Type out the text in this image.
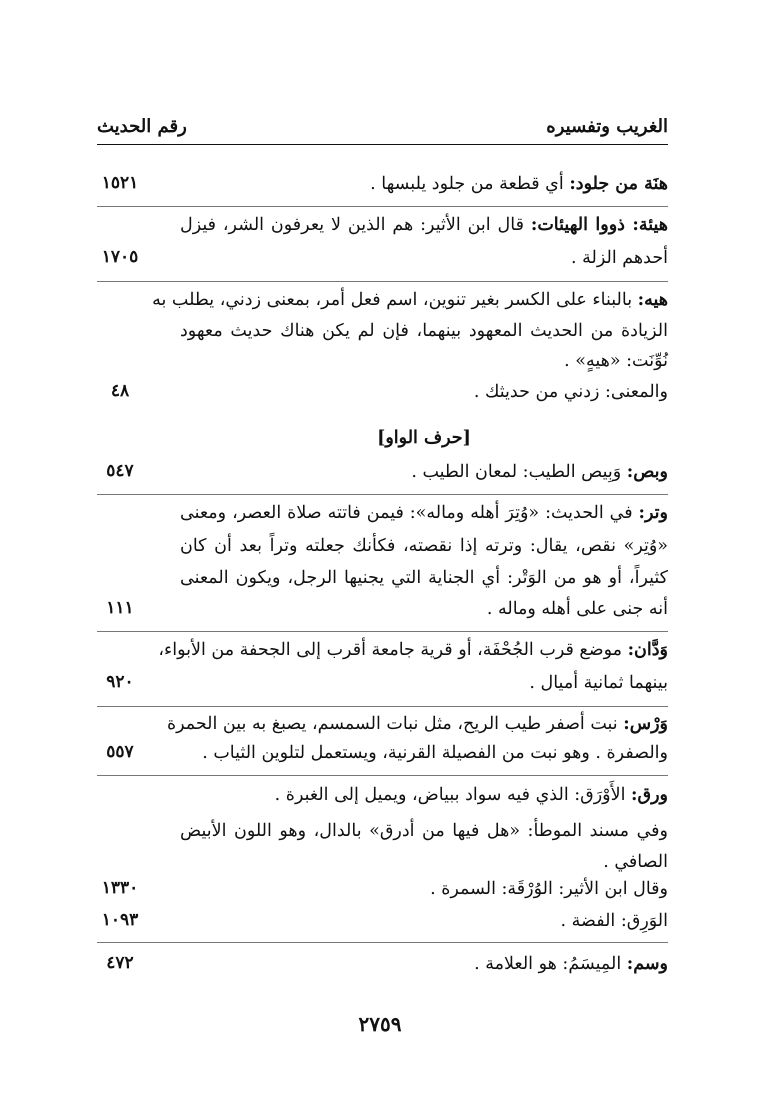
رقم الحديث	الغريب وتفسيره
هنَة من جلود: أي قطعة من جلود يلبسها .
١٥٢١
هيئة: ذووا الهيئات: قال ابن الأثير: هم الذين لا يعرفون الشر، فيزل
أحدهم الزلة .
١٧٠٥
هيه: بالبناء على الكسر بغير تنوين، اسم فعل أمر، بمعنى زدني، يطلب به
الزيادة من الحديث المعهود بينهما، فإن لم يكن هناك حديث معهود
نُوِّنَت: «هيهٍ» .
والمعنى: زدني من حديثك .
٤٨
[حرف الواو]
وبص: وَبِيص الطيب: لمعان الطيب .
٥٤٧
وتر: في الحديث: «وُتِرَ أهله وماله»: فيمن فاتته صلاة العصر، ومعنى
«وُتِر» نقص، يقال: وترته إذا نقصته، فكأنك جعلته وتراً بعد أن كان
كثيراً، أو هو من الوَتْر: أي الجناية التي يجنيها الرجل، ويكون المعنى
أنه جنى على أهله وماله .
١١١
وَدَّان: موضع قرب الجُحْفَة، أو قرية جامعة أقرب إلى الجحفة من الأبواء،
بينهما ثمانية أميال .
٩٢٠
وَرْس: نبت أصفر طيب الريح، مثل نبات السمسم، يصبغ به بين الحمرة
والصفرة . وهو نبت من الفصيلة القرنية، ويستعمل لتلوين الثياب .
٥٥٧
ورق: الأَوْرَق: الذي فيه سواد ببياض، ويميل إلى الغبرة .
وفي مسند الموطأ: «هل فيها من أدرق» بالدال، وهو اللون الأبيض
الصافي .
وقال ابن الأثير: الوُرْقَة: السمرة .
١٣٣٠
الوَرِق: الفضة .
١٠٩٣
وسم: المِيسَمُ: هو العلامة .
٤٧٢
٢٧٥٩
